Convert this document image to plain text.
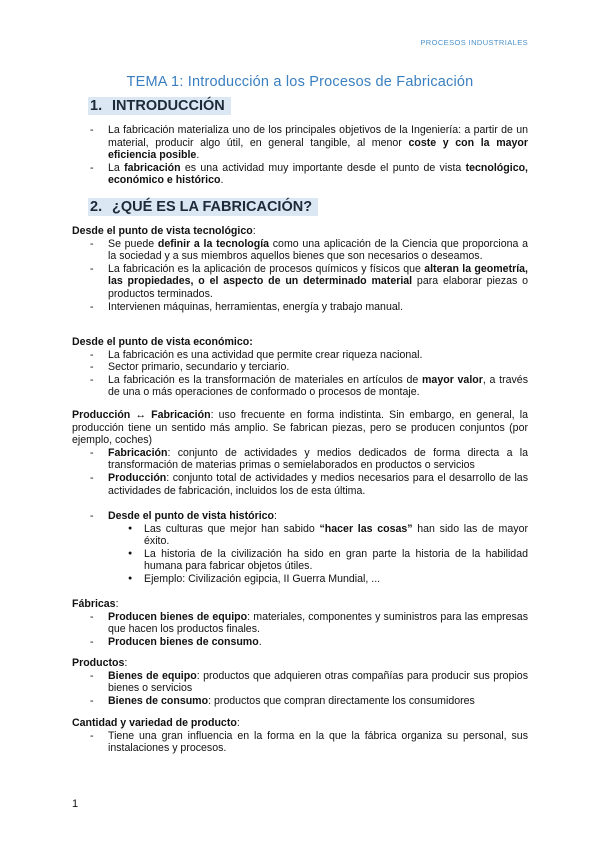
PROCESOS INDUSTRIALES
TEMA 1: Introducción a los Procesos de Fabricación
1. INTRODUCCIÓN
- La fabricación materializa uno de los principales objetivos de la Ingeniería: a partir de un material, producir algo útil, en general tangible, al menor coste y con la mayor eficiencia posible.
- La fabricación es una actividad muy importante desde el punto de vista tecnológico, económico e histórico.
2. ¿QUÉ ES LA FABRICACIÓN?
Desde el punto de vista tecnológico:
- Se puede definir a la tecnología como una aplicación de la Ciencia que proporciona a la sociedad y a sus miembros aquellos bienes que son necesarios o deseamos.
- La fabricación es la aplicación de procesos químicos y físicos que alteran la geometría, las propiedades, o el aspecto de un determinado material para elaborar piezas o productos terminados.
- Intervienen máquinas, herramientas, energía y trabajo manual.
Desde el punto de vista económico:
- La fabricación es una actividad que permite crear riqueza nacional.
- Sector primario, secundario y terciario.
- La fabricación es la transformación de materiales en artículos de mayor valor, a través de una o más operaciones de conformado o procesos de montaje.
Producción ↔ Fabricación: uso frecuente en forma indistinta. Sin embargo, en general, la producción tiene un sentido más amplio. Se fabrican piezas, pero se producen conjuntos (por ejemplo, coches)
- Fabricación: conjunto de actividades y medios dedicados de forma directa a la transformación de materias primas o semielaborados en productos o servicios
- Producción: conjunto total de actividades y medios necesarios para el desarrollo de las actividades de fabricación, incluidos los de esta última.
- Desde el punto de vista histórico:
● Las culturas que mejor han sabido “hacer las cosas” han sido las de mayor éxito.
● La historia de la civilización ha sido en gran parte la historia de la habilidad humana para fabricar objetos útiles.
● Ejemplo: Civilización egipcia, II Guerra Mundial, ...
Fábricas:
- Producen bienes de equipo: materiales, componentes y suministros para las empresas que hacen los productos finales.
- Producen bienes de consumo.
Productos:
- Bienes de equipo: productos que adquieren otras compañías para producir sus propios bienes o servicios
- Bienes de consumo: productos que compran directamente los consumidores
Cantidad y variedad de producto:
- Tiene una gran influencia en la forma en la que la fábrica organiza su personal, sus instalaciones y procesos.
1
